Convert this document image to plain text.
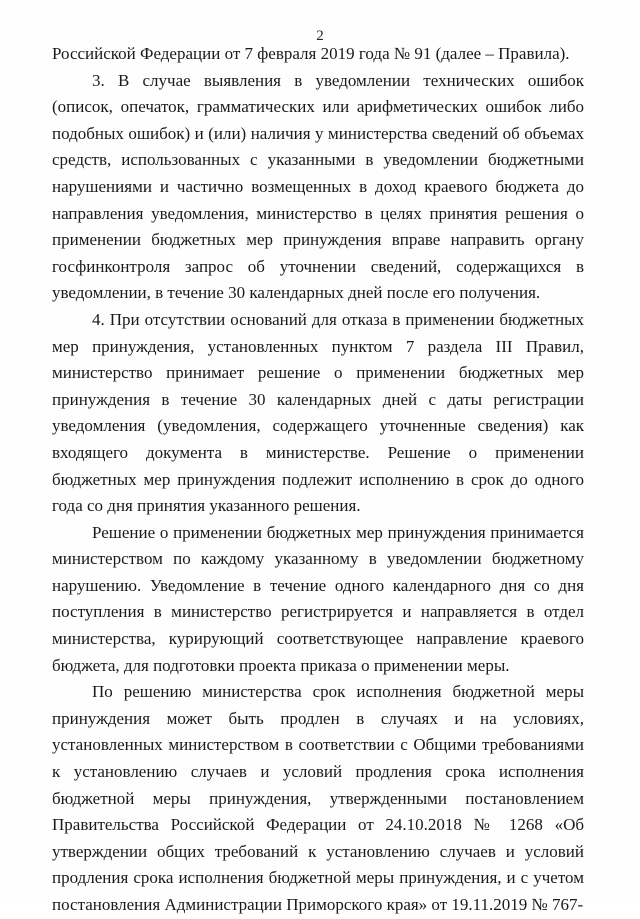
2

Российской Федерации от 7 февраля 2019 года № 91 (далее – Правила).

3. В случае выявления в уведомлении технических ошибок (описок, опечаток, грамматических или арифметических ошибок либо подобных ошибок) и (или) наличия у министерства сведений об объемах средств, использованных с указанными в уведомлении бюджетными нарушениями и частично возмещенных в доход краевого бюджета до направления уведомления, министерство в целях принятия решения о применении бюджетных мер принуждения вправе направить органу госфинконтроля запрос об уточнении сведений, содержащихся в уведомлении, в течение 30 календарных дней после его получения.

4. При отсутствии оснований для отказа в применении бюджетных мер принуждения, установленных пунктом 7 раздела III Правил, министерство принимает решение о применении бюджетных мер принуждения в течение 30 календарных дней с даты регистрации уведомления (уведомления, содержащего уточненные сведения) как входящего документа в министерстве. Решение о применении бюджетных мер принуждения подлежит исполнению в срок до одного года со дня принятия указанного решения.

Решение о применении бюджетных мер принуждения принимается министерством по каждому указанному в уведомлении бюджетному нарушению. Уведомление в течение одного календарного дня со дня поступления в министерство регистрируется и направляется в отдел министерства, курирующий соответствующее направление краевого бюджета, для подготовки проекта приказа о применении меры.

По решению министерства срок исполнения бюджетной меры принуждения может быть продлен в случаях и на условиях, установленных министерством в соответствии с Общими требованиями к установлению случаев и условий продления срока исполнения бюджетной меры принуждения, утвержденными постановлением Правительства Российской Федерации от 24.10.2018 № 1268 «Об утверждении общих требований к установлению случаев и условий продления срока исполнения бюджетной меры принуждения, и с учетом постановления Администрации Приморского края» от 19.11.2019 № 767-
